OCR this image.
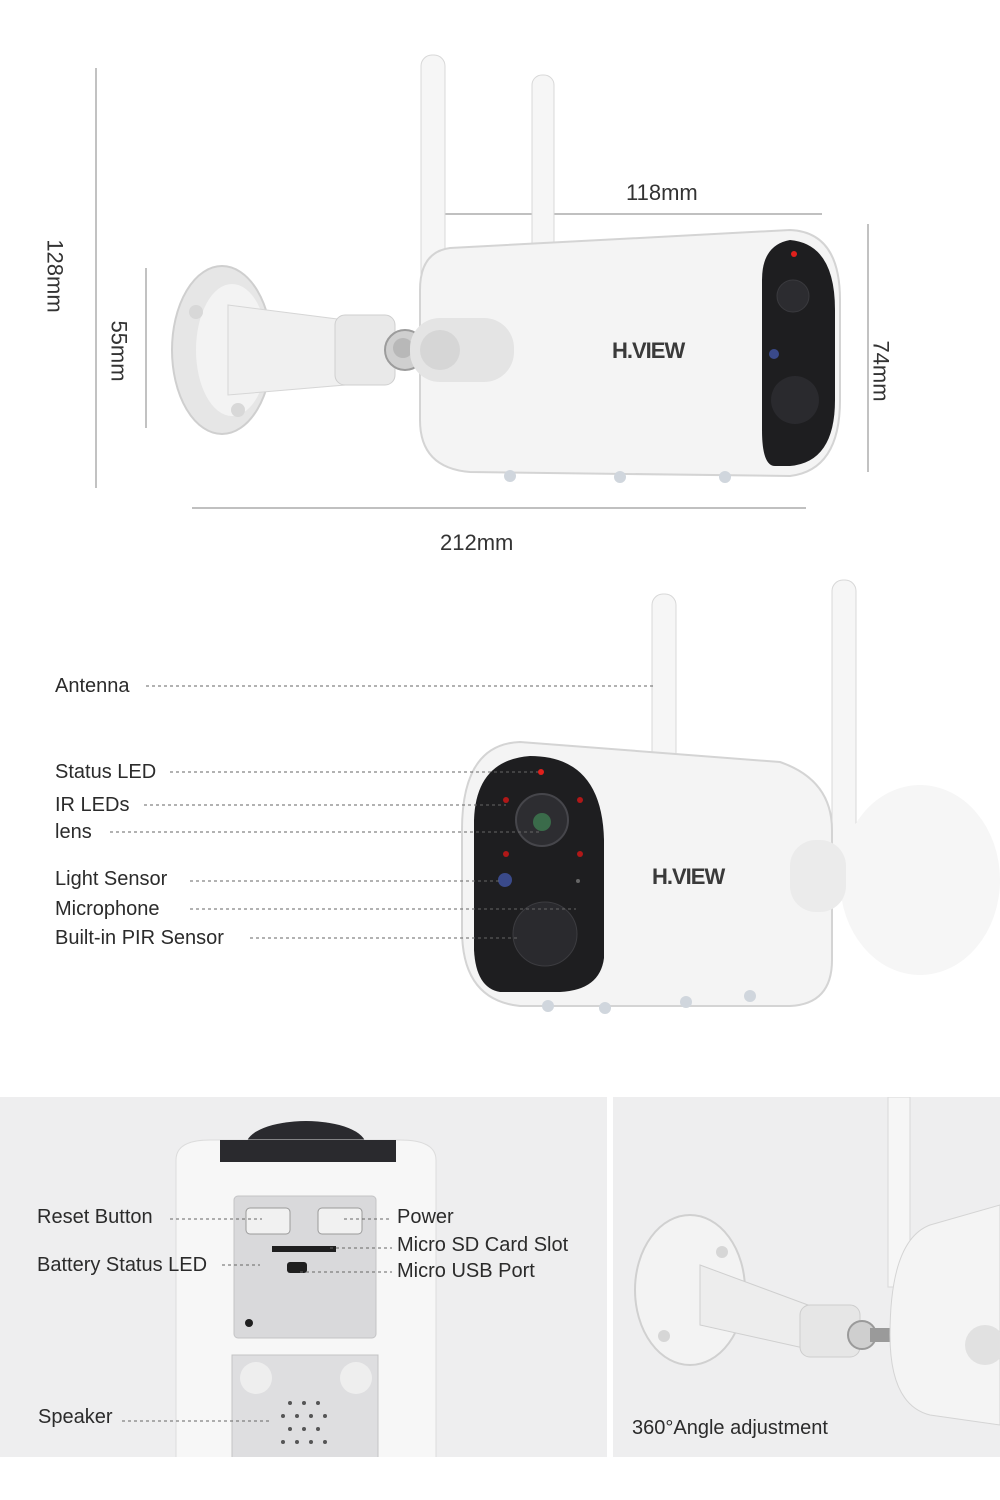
H.VIEW
128mm
55mm
118mm
74mm
212mm
H.VIEW
Antenna
Status LED
IR LEDs
lens
Light Sensor
Microphone
Built-in PIR Sensor
Reset Button
Battery Status LED
Power
Micro SD Card Slot
Micro USB Port
Speaker	360°Angle adjustment
